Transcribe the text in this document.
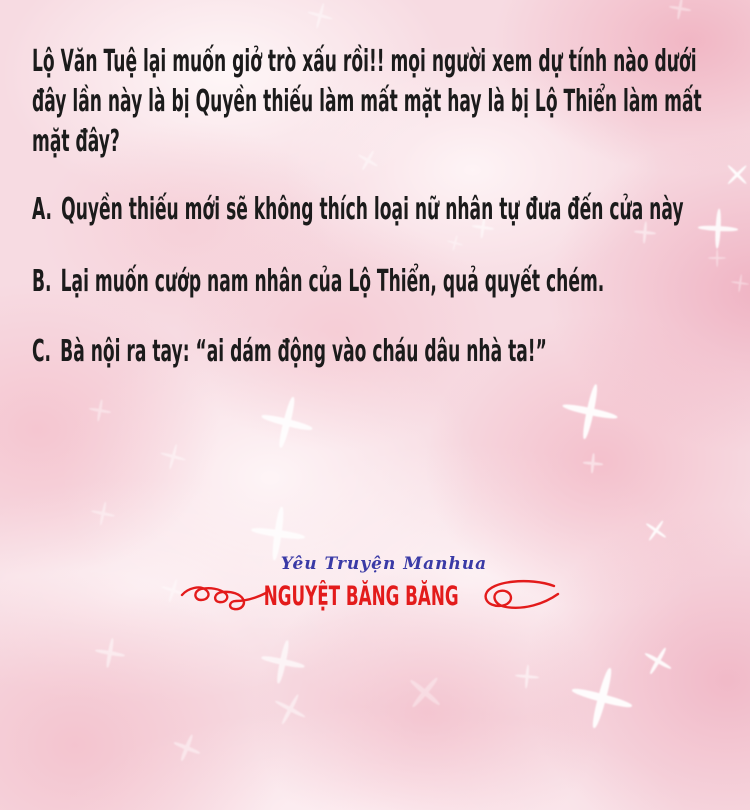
Lộ Văn Tuệ lại muốn giở trò xấu rồi!! mọi người xem dự tính nào dưới
đây lần này là bị Quyền thiếu làm mất mặt hay là bị Lộ Thiển làm mất
mặt đây?
A. Quyền thiếu mới sẽ không thích loại nữ nhân tự đưa đến cửa này
B. Lại muốn cướp nam nhân của Lộ Thiển, quả quyết chém.
C. Bà nội ra tay: “ai dám động vào cháu dâu nhà ta!”
Yêu Truyện Manhua
NGUYỆT BĂNG BĂNG
